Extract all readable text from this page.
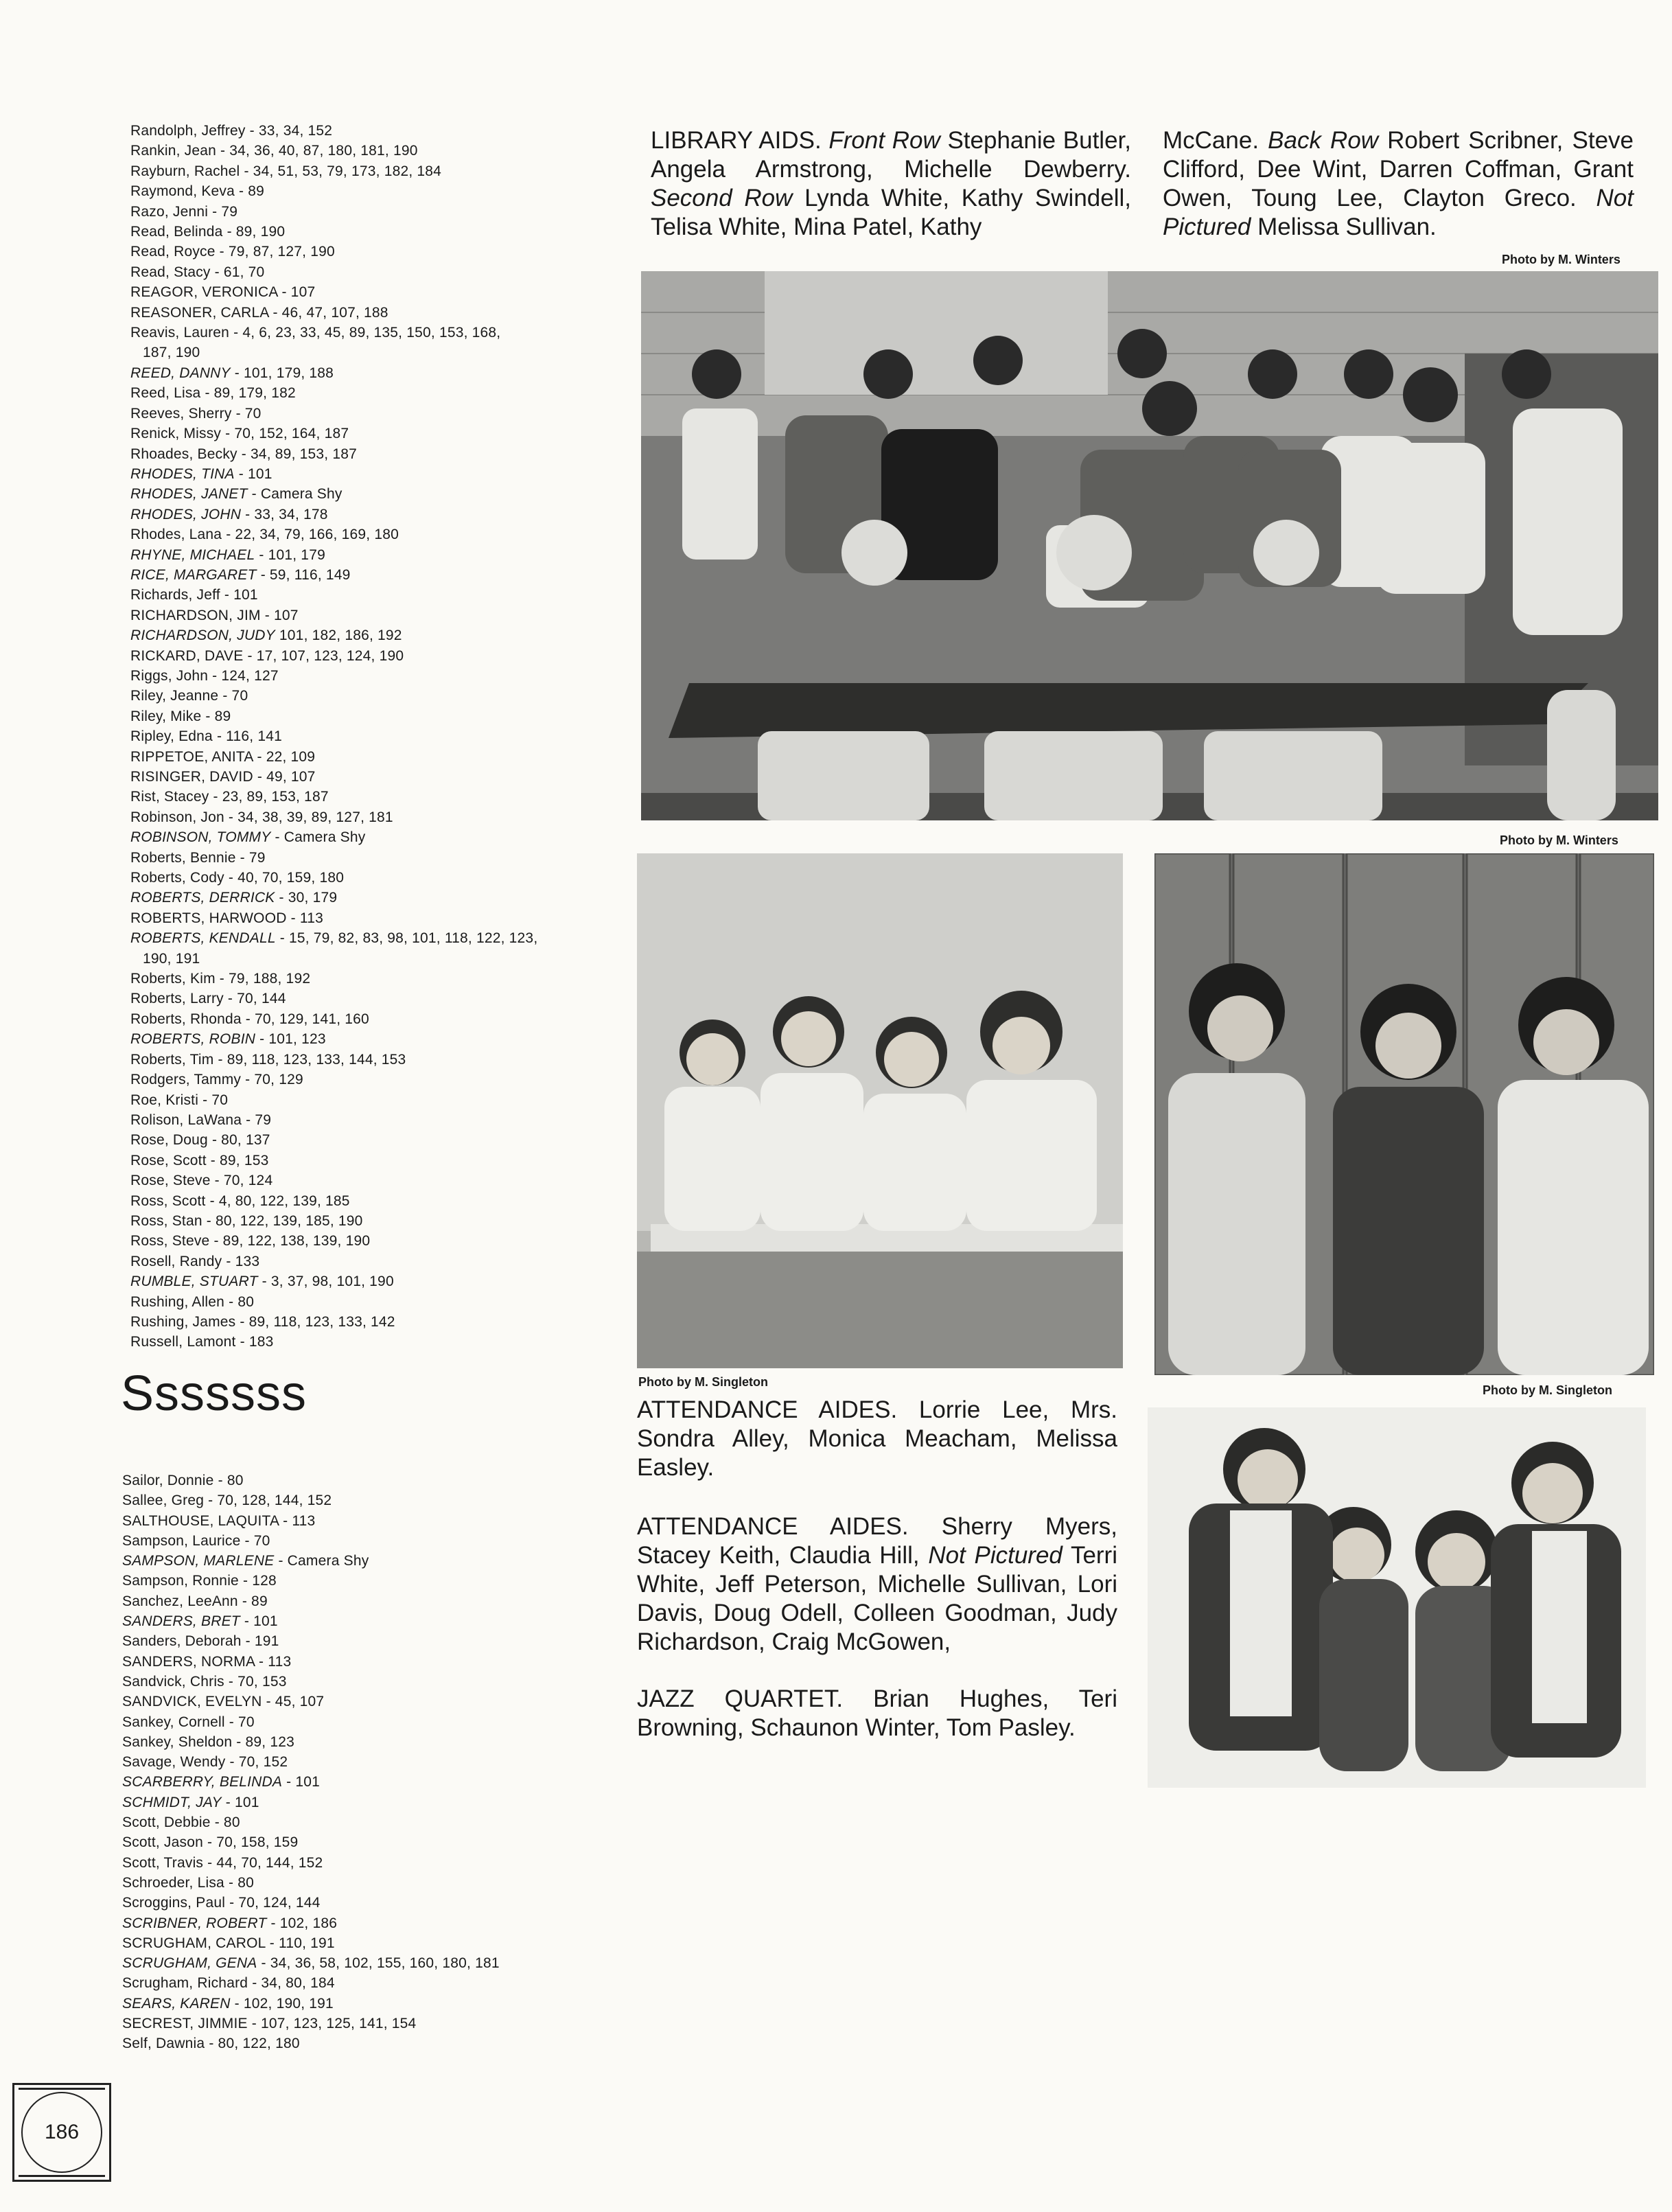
Randolph, Jeffrey - 33, 34, 152
Rankin, Jean - 34, 36, 40, 87, 180, 181, 190
Rayburn, Rachel - 34, 51, 53, 79, 173, 182, 184
Raymond, Keva - 89
Razo, Jenni - 79
Read, Belinda - 89, 190
Read, Royce - 79, 87, 127, 190
Read, Stacy - 61, 70
REAGOR, VERONICA - 107
REASONER, CARLA - 46, 47, 107, 188
Reavis, Lauren - 4, 6, 23, 33, 45, 89, 135, 150, 153, 168,
187, 190
REED, DANNY - 101, 179, 188
Reed, Lisa - 89, 179, 182
Reeves, Sherry - 70
Renick, Missy - 70, 152, 164, 187
Rhoades, Becky - 34, 89, 153, 187
RHODES, TINA - 101
RHODES, JANET - Camera Shy
RHODES, JOHN - 33, 34, 178
Rhodes, Lana - 22, 34, 79, 166, 169, 180
RHYNE, MICHAEL - 101, 179
RICE, MARGARET - 59, 116, 149
Richards, Jeff - 101
RICHARDSON, JIM - 107
RICHARDSON, JUDY 101, 182, 186, 192
RICKARD, DAVE - 17, 107, 123, 124, 190
Riggs, John - 124, 127
Riley, Jeanne - 70
Riley, Mike - 89
Ripley, Edna - 116, 141
RIPPETOE, ANITA - 22, 109
RISINGER, DAVID - 49, 107
Rist, Stacey - 23, 89, 153, 187
Robinson, Jon - 34, 38, 39, 89, 127, 181
ROBINSON, TOMMY - Camera Shy
Roberts, Bennie - 79
Roberts, Cody - 40, 70, 159, 180
ROBERTS, DERRICK - 30, 179
ROBERTS, HARWOOD - 113
ROBERTS, KENDALL - 15, 79, 82, 83, 98, 101, 118, 122, 123,
190, 191
Roberts, Kim - 79, 188, 192
Roberts, Larry - 70, 144
Roberts, Rhonda - 70, 129, 141, 160
ROBERTS, ROBIN - 101, 123
Roberts, Tim - 89, 118, 123, 133, 144, 153
Rodgers, Tammy - 70, 129
Roe, Kristi - 70
Rolison, LaWana - 79
Rose, Doug - 80, 137
Rose, Scott - 89, 153
Rose, Steve - 70, 124
Ross, Scott - 4, 80, 122, 139, 185
Ross, Stan - 80, 122, 139, 185, 190
Ross, Steve - 89, 122, 138, 139, 190
Rosell, Randy - 133
RUMBLE, STUART - 3, 37, 98, 101, 190
Rushing, Allen - 80
Rushing, James - 89, 118, 123, 133, 142
Russell, Lamont - 183
Sssssss
Sailor, Donnie - 80
Sallee, Greg - 70, 128, 144, 152
SALTHOUSE, LAQUITA - 113
Sampson, Laurice - 70
SAMPSON, MARLENE - Camera Shy
Sampson, Ronnie - 128
Sanchez, LeeAnn - 89
SANDERS, BRET - 101
Sanders, Deborah - 191
SANDERS, NORMA - 113
Sandvick, Chris - 70, 153
SANDVICK, EVELYN - 45, 107
Sankey, Cornell - 70
Sankey, Sheldon - 89, 123
Savage, Wendy - 70, 152
SCARBERRY, BELINDA - 101
SCHMIDT, JAY - 101
Scott, Debbie - 80
Scott, Jason - 70, 158, 159
Scott, Travis - 44, 70, 144, 152
Schroeder, Lisa - 80
Scroggins, Paul - 70, 124, 144
SCRIBNER, ROBERT - 102, 186
SCRUGHAM, CAROL - 110, 191
SCRUGHAM, GENA - 34, 36, 58, 102, 155, 160, 180, 181
Scrugham, Richard - 34, 80, 184
SEARS, KAREN - 102, 190, 191
SECREST, JIMMIE - 107, 123, 125, 141, 154
Self, Dawnia - 80, 122, 180
LIBRARY AIDS. Front Row Stephanie Butler, Angela Armstrong, Michelle Dewberry. Second Row Lynda White, Kathy Swindell, Telisa White, Mina Patel, Kathy
McCane. Back Row Robert Scribner, Steve Clifford, Dee Wint, Darren Coffman, Grant Owen, Toung Lee, Clayton Greco. Not Pictured Melissa Sullivan.
Photo by M. Winters
Photo by M. Winters
Photo by M. Singleton
Photo by M. Singleton
ATTENDANCE AIDES. Lorrie Lee, Mrs. Sondra Alley, Monica Meacham, Melissa Easley.
ATTENDANCE AIDES. Sherry Myers, Stacey Keith, Claudia Hill, Not Pictured Terri White, Jeff Peterson, Michelle Sullivan, Lori Davis, Doug Odell, Colleen Goodman, Judy Richardson, Craig McGowen,
JAZZ QUARTET. Brian Hughes, Teri Browning, Schaunon Winter, Tom Pasley.
186
